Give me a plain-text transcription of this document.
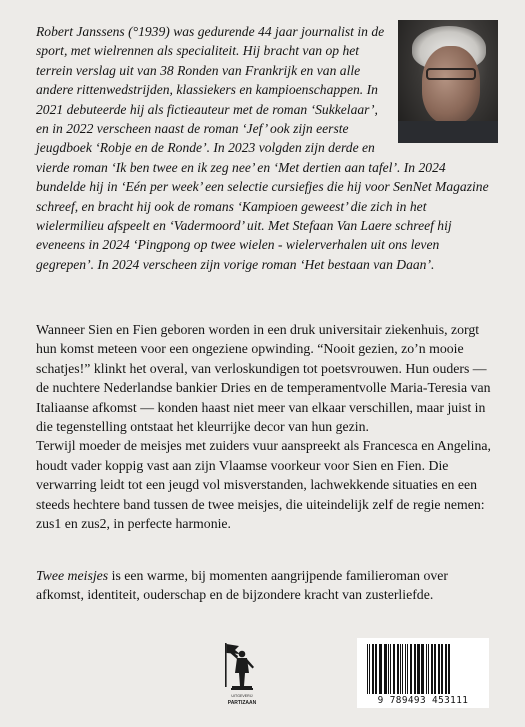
Robert Janssens (°1939) was gedurende 44 jaar journalist in de sport, met wielrennen als specialiteit. Hij bracht van op het terrein verslag uit van 38 Ronden van Frankrijk en van alle andere rittenwedstrijden, klassiekers en kampioenschappen. In 2021 debuteerde hij als fictieauteur met de roman ‘Sukkelaar’, en in 2022 verscheen naast de roman ‘Jef’ ook zijn eerste jeugdboek ‘Robje en de Ronde’. In 2023 volgden zijn derde en vierde roman ‘Ik ben twee en ik zeg nee’ en ‘Met dertien aan tafel’. In 2024 bundelde hij in ‘Eén per week’ een selectie cursiefjes die hij voor SenNet Magazine schreef, en bracht hij ook de romans ‘Kampioen geweest’ die zich in het wielermilieu afspeelt en ‘Vadermoord’ uit. Met Stefaan Van Laere schreef hij eveneens in 2024 ‘Pingpong op twee wielen - wielerverhalen uit ons leven gegrepen’. In 2024 verscheen zijn vorige roman ‘Het bestaan van Daan’.

Wanneer Sien en Fien geboren worden in een druk universitair ziekenhuis, zorgt hun komst meteen voor een ongeziene opwinding. “Nooit gezien, zo’n mooie schatjes!” klinkt het overal, van verloskundigen tot poetsvrouwen. Hun ouders — de nuchtere Nederlandse bankier Dries en de temperamentvolle Maria-Teresia van Italiaanse afkomst — konden haast niet meer van elkaar verschillen, maar juist in die tegenstelling ontstaat het kleurrijke decor van hun gezin.

Terwijl moeder de meisjes met zuiders vuur aanspreekt als Francesca en Angelina, houdt vader koppig vast aan zijn Vlaamse voorkeur voor Sien en Fien. Die verwarring leidt tot een jeugd vol misverstanden, lachwekkende situaties en een steeds hechtere band tussen de twee meisjes, die uiteindelijk zelf de regie nemen: zus1 en zus2, in perfecte harmonie.

Twee meisjes is een warme, bij momenten aangrijpende familieroman over afkomst, identiteit, ouderschap en de bijzondere kracht van zusterliefde.

UITGEVERIJ
PARTIZAAN	9 789493 453111
